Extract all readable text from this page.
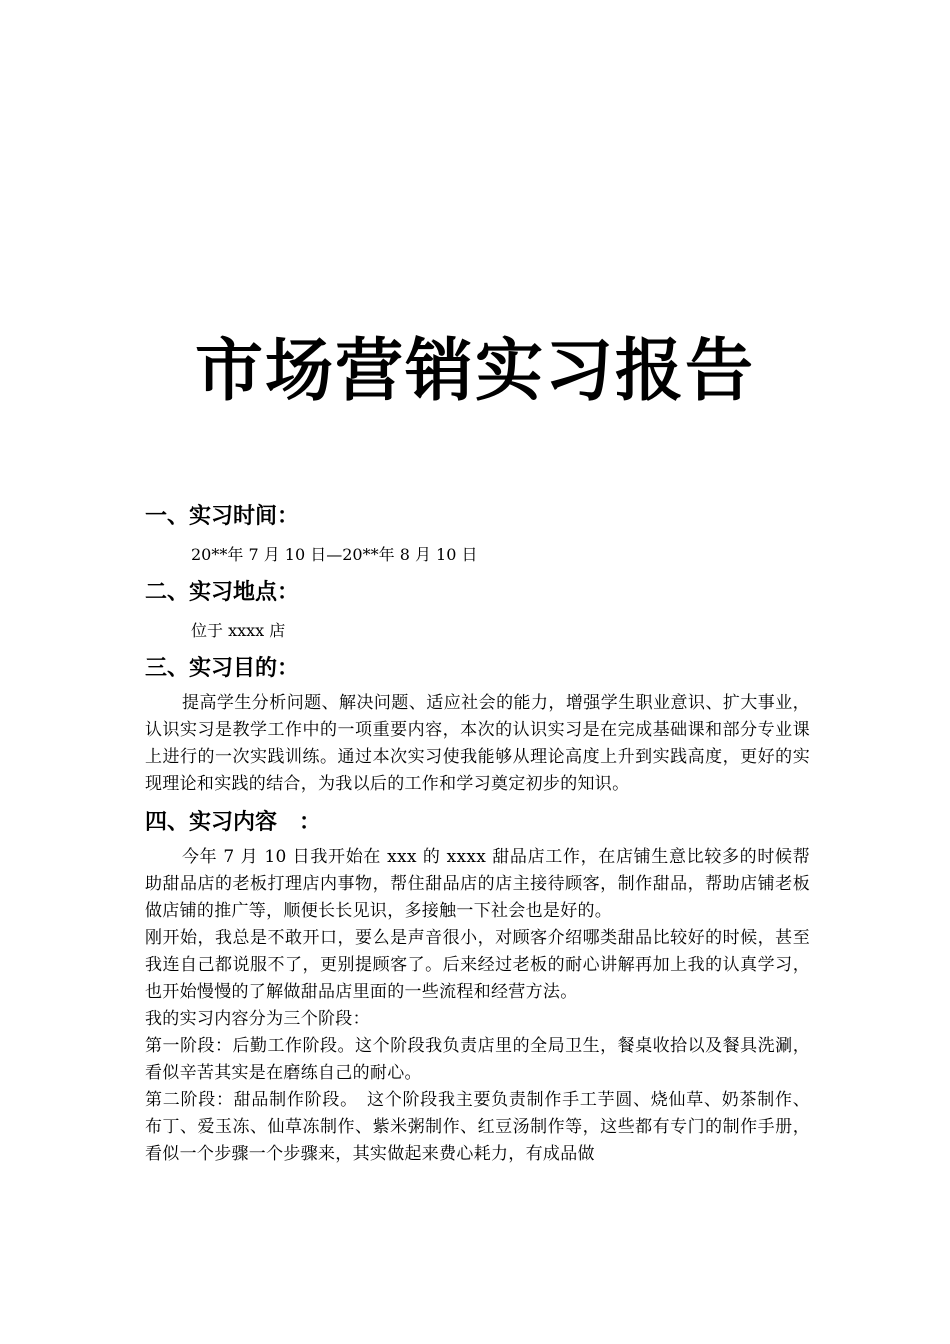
市场营销实习报告
一、实习时间：

20**年 7 月 10 日—20**年 8 月 10 日

二、实习地点：

位于 xxxx 店

三、实习目的：

提高学生分析问题、解决问题、适应社会的能力，增强学生职业意识、扩大事业，认识实习是教学工作中的一项重要内容，本次的认识实习是在完成基础课和部分专业课上进行的一次实践训练。通过本次实习使我能够从理论高度上升到实践高度，更好的实现理论和实践的结合，为我以后的工作和学习奠定初步的知识。

四、实习内容 ：

今年 7 月 10 日我开始在 xxx 的 xxxx 甜品店工作，在店铺生意比较多的时候帮助甜品店的老板打理店内事物，帮住甜品店的店主接待顾客，制作甜品，帮助店铺老板做店铺的推广等，顺便长长见识，多接触一下社会也是好的。

刚开始，我总是不敢开口，要么是声音很小，对顾客介绍哪类甜品比较好的时候，甚至我连自己都说服不了，更别提顾客了。后来经过老板的耐心讲解再加上我的认真学习，也开始慢慢的了解做甜品店里面的一些流程和经营方法。

我的实习内容分为三个阶段：

第一阶段：后勤工作阶段。这个阶段我负责店里的全局卫生，餐桌收拾以及餐具洗涮，看似辛苦其实是在磨练自己的耐心。

第二阶段：甜品制作阶段。　这个阶段我主要负责制作手工芋圆、烧仙草、奶茶制作、布丁、爱玉冻、仙草冻制作、紫米粥制作、红豆汤制作等，这些都有专门的制作手册，看似一个步骤一个步骤来，其实做起来费心耗力，有成品做
